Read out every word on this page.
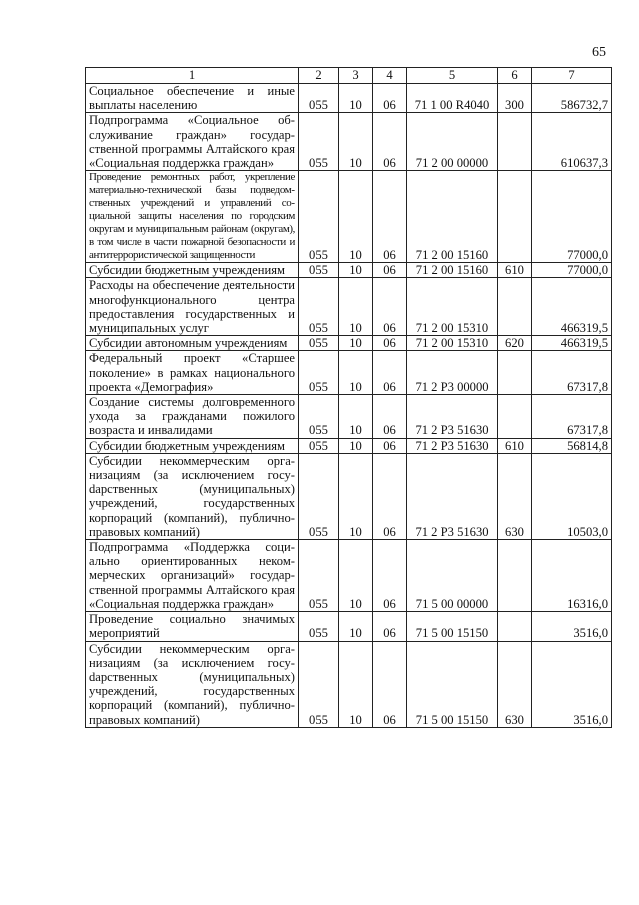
65
1	2	3	4	5	6	7
Социальное обеспечение и иные выплаты населению	055	10	06	71 1 00 R4040	300	586732,7
Подпрограмма «Социальное обслуживание граждан» государственной программы Алтайского края «Социальная поддержка граждан»	055	10	06	71 2 00 00000		610637,3
Проведение ремонтных работ, укрепление материально-технической базы подведомственных учреждений и управлений социальной защиты населения по городским округам и муниципальным районам (округам), в том числе в части пожарной безопасности и антитеррористической защищенности	055	10	06	71 2 00 15160		77000,0
Субсидии бюджетным учреждениям	055	10	06	71 2 00 15160	610	77000,0
Расходы на обеспечение деятельности многофункционального центра предоставления государственных и муниципальных услуг	055	10	06	71 2 00 15310		466319,5
Субсидии автономным учреждениям	055	10	06	71 2 00 15310	620	466319,5
Федеральный проект «Старшее поколение» в рамках национального проекта «Демография»	055	10	06	71 2 P3 00000		67317,8
Создание системы долговременного ухода за гражданами пожилого возраста и инвалидами	055	10	06	71 2 P3 51630		67317,8
Субсидии бюджетным учреждениям	055	10	06	71 2 P3 51630	610	56814,8
Субсидии некоммерческим организациям (за исключением госуdарственных (муниципальных) учреждений, государственных корпораций (компаний), публично-правовых компаний)	055	10	06	71 2 P3 51630	630	10503,0
Подпрограмма «Поддержка социально ориентированных некоммерческих организаций» государственной программы Алтайского края «Социальная поддержка граждан»	055	10	06	71 5 00 00000		16316,0
Проведение социально значимых мероприятий	055	10	06	71 5 00 15150		3516,0
Субсидии некоммерческим организациям (за исключением госуdарственных (муниципальных) учреждений, государственных корпораций (компаний), публично-правовых компаний)	055	10	06	71 5 00 15150	630	3516,0
